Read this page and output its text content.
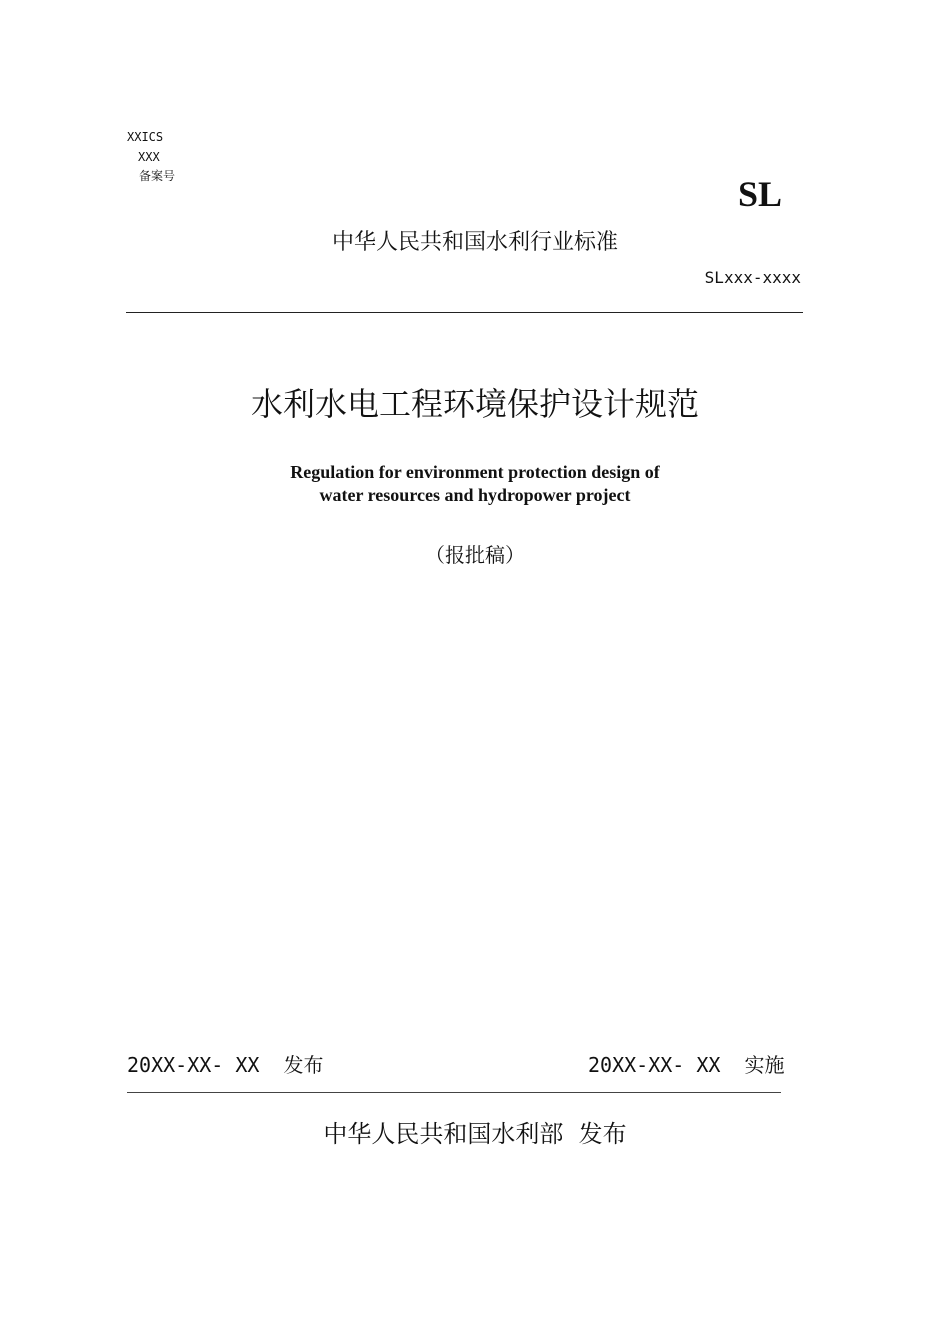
XXICS
XXX
备案号	SL
中华人民共和国水利行业标准
SLxxx-xxxx
水利水电工程环境保护设计规范
Regulation for environment protection design of
water resources and hydropower project
（报批稿）
20XX-XX- XX  发布	20XX-XX- XX  实施
中华人民共和国水利部  发布
